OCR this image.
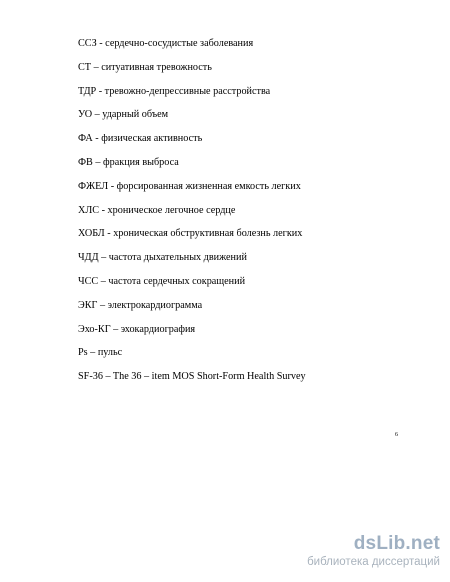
ССЗ - сердечно-сосудистые заболевания
СТ – ситуативная тревожность
ТДР - тревожно-депрессивные расстройства
УО – ударный объем
ФА - физическая активность
ФВ – фракция выброса
ФЖЕЛ - форсированная жизненная емкость легких
ХЛС - хроническое легочное сердце
ХОБЛ - хроническая обструктивная болезнь легких
ЧДД – частота дыхательных движений
ЧСС – частота сердечных сокращений
ЭКГ – электрокардиограмма
Эхо-КГ – эхокардиография
Ps – пульс
SF-36 – The 36 – item MOS Short-Form Health Survey
6
dsLib.net
библиотека диссертаций
